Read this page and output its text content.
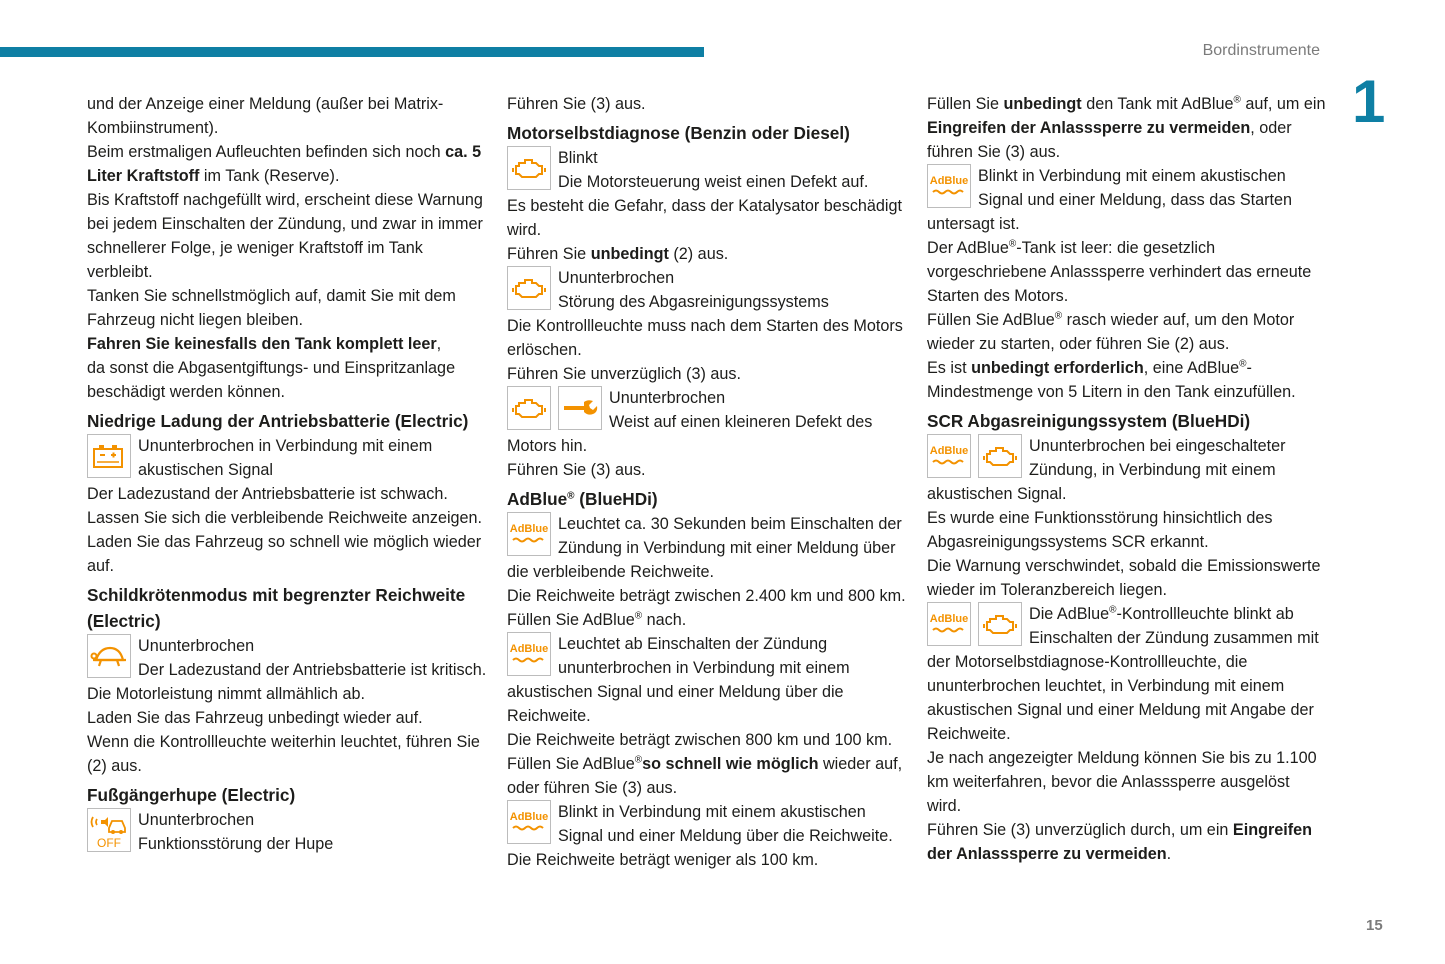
Bordinstrumente
1
15

und der Anzeige einer Meldung (außer bei Matrix-Kombiinstrument).

Beim erstmaligen Aufleuchten befinden sich noch ca. 5 Liter Kraftstoff im Tank (Reserve).

Bis Kraftstoff nachgefüllt wird, erscheint diese Warnung bei jedem Einschalten der Zündung, und zwar in immer schnellerer Folge, je weniger Kraftstoff im Tank verbleibt.

Tanken Sie schnellstmöglich auf, damit Sie mit dem Fahrzeug nicht liegen bleiben.

Fahren Sie keinesfalls den Tank komplett leer,

da sonst die Abgasentgiftungs- und Einspritzanlage beschädigt werden können.

Niedrige Ladung der Antriebsbatterie (Electric)
Ununterbrochen in Verbindung mit einem akustischen Signal

Der Ladezustand der Antriebsbatterie ist schwach.

Lassen Sie sich die verbleibende Reichweite anzeigen.

Laden Sie das Fahrzeug so schnell wie möglich wieder auf.

Schildkrötenmodus mit begrenzter Reichweite (Electric)
Ununterbrochen
Der Ladezustand der Antriebsbatterie ist kritisch.

Die Motorleistung nimmt allmählich ab.

Laden Sie das Fahrzeug unbedingt wieder auf.

Wenn die Kontrollleuchte weiterhin leuchtet, führen Sie (2) aus.

Fußgängerhupe (Electric)
OFF
Ununterbrochen
Funktionsstörung der Hupe

Führen Sie (3) aus.

Motorselbstdiagnose (Benzin oder Diesel)
Blinkt
Die Motorsteuerung weist einen Defekt auf.

Es besteht die Gefahr, dass der Katalysator beschädigt wird.

Führen Sie unbedingt (2) aus.

Ununterbrochen
Störung des Abgasreinigungssystems

Die Kontrollleuchte muss nach dem Starten des Motors erlöschen.

Führen Sie unverzüglich (3) aus.

Ununterbrochen
Weist auf einen kleineren Defekt des Motors hin.

Führen Sie (3) aus.

AdBlue® (BlueHDi)
AdBlue Leuchtet ca. 30 Sekunden beim Einschalten der Zündung in Verbindung mit einer Meldung über die verbleibende Reichweite.

Die Reichweite beträgt zwischen 2.400 km und 800 km.

Füllen Sie AdBlue® nach.

AdBlue Leuchtet ab Einschalten der Zündung ununterbrochen in Verbindung mit einem akustischen Signal und einer Meldung über die Reichweite.

Die Reichweite beträgt zwischen 800 km und 100 km.

Füllen Sie AdBlue®so schnell wie möglich wieder auf, oder führen Sie (3) aus.

AdBlue Blinkt in Verbindung mit einem akustischen Signal und einer Meldung über die Reichweite.

Die Reichweite beträgt weniger als 100 km.

Füllen Sie unbedingt den Tank mit AdBlue® auf, um ein Eingreifen der Anlasssperre zu vermeiden, oder führen Sie (3) aus.

AdBlue Blinkt in Verbindung mit einem akustischen Signal und einer Meldung, dass das Starten untersagt ist.

Der AdBlue®-Tank ist leer: die gesetzlich vorgeschriebene Anlasssperre verhindert das erneute Starten des Motors.

Füllen Sie AdBlue® rasch wieder auf, um den Motor wieder zu starten, oder führen Sie (2) aus.

Es ist unbedingt erforderlich, eine AdBlue®-Mindestmenge von 5 Litern in den Tank einzufüllen.

SCR Abgasreinigungssystem (BlueHDi)
AdBlue	Ununterbrochen bei eingeschalteter Zündung, in Verbindung mit einem akustischen Signal.

Es wurde eine Funktionsstörung hinsichtlich des Abgasreinigungssystems SCR erkannt.

Die Warnung verschwindet, sobald die Emissionswerte wieder im Toleranzbereich liegen.

AdBlue	Die AdBlue®-Kontrollleuchte blinkt ab Einschalten der Zündung zusammen mit der Motorselbstdiagnose-Kontrollleuchte, die ununterbrochen leuchtet, in Verbindung mit einem akustischen Signal und einer Meldung mit Angabe der Reichweite.

Je nach angezeigter Meldung können Sie bis zu 1.100 km weiterfahren, bevor die Anlasssperre ausgelöst wird.

Führen Sie (3) unverzüglich durch, um ein Eingreifen der Anlasssperre zu vermeiden.
